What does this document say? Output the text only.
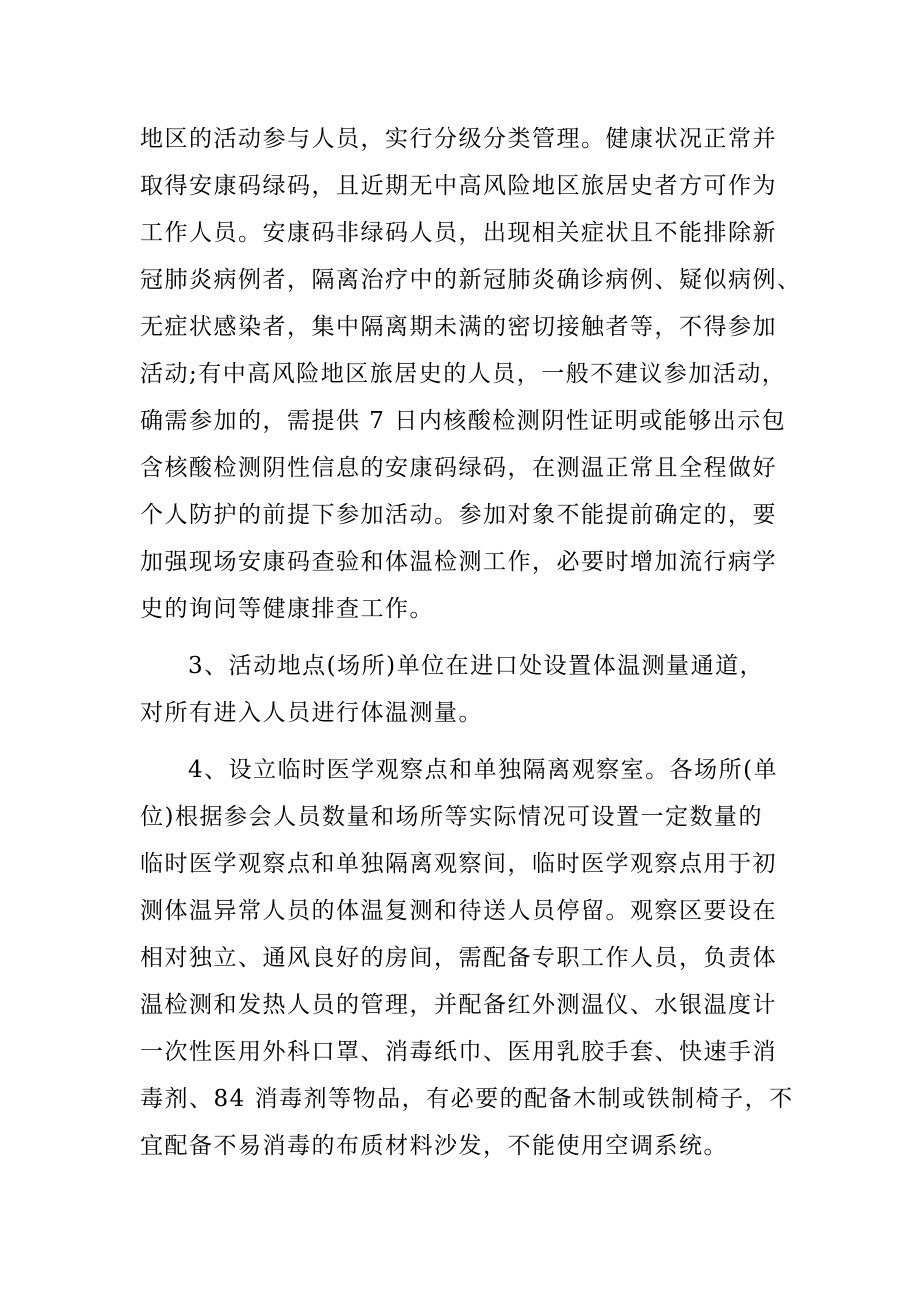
地区的活动参与人员，实行分级分类管理。健康状况正常并
取得安康码绿码，且近期无中高风险地区旅居史者方可作为
工作人员。安康码非绿码人员，出现相关症状且不能排除新
冠肺炎病例者，隔离治疗中的新冠肺炎确诊病例、疑似病例、
无症状感染者，集中隔离期未满的密切接触者等，不得参加
活动;有中高风险地区旅居史的人员，一般不建议参加活动，
确需参加的，需提供 7 日内核酸检测阴性证明或能够出示包
含核酸检测阴性信息的安康码绿码，在测温正常且全程做好
个人防护的前提下参加活动。参加对象不能提前确定的，要
加强现场安康码查验和体温检测工作，必要时增加流行病学
史的询问等健康排查工作。
3、活动地点(场所)单位在进口处设置体温测量通道，
对所有进入人员进行体温测量。
4、设立临时医学观察点和单独隔离观察室。各场所(单
位)根据参会人员数量和场所等实际情况可设置一定数量的
临时医学观察点和单独隔离观察间，临时医学观察点用于初
测体温异常人员的体温复测和待送人员停留。观察区要设在
相对独立、通风良好的房间，需配备专职工作人员，负责体
温检测和发热人员的管理，并配备红外测温仪、水银温度计
一次性医用外科口罩、消毒纸巾、医用乳胶手套、快速手消
毒剂、84 消毒剂等物品，有必要的配备木制或铁制椅子，不
宜配备不易消毒的布质材料沙发，不能使用空调系统。
